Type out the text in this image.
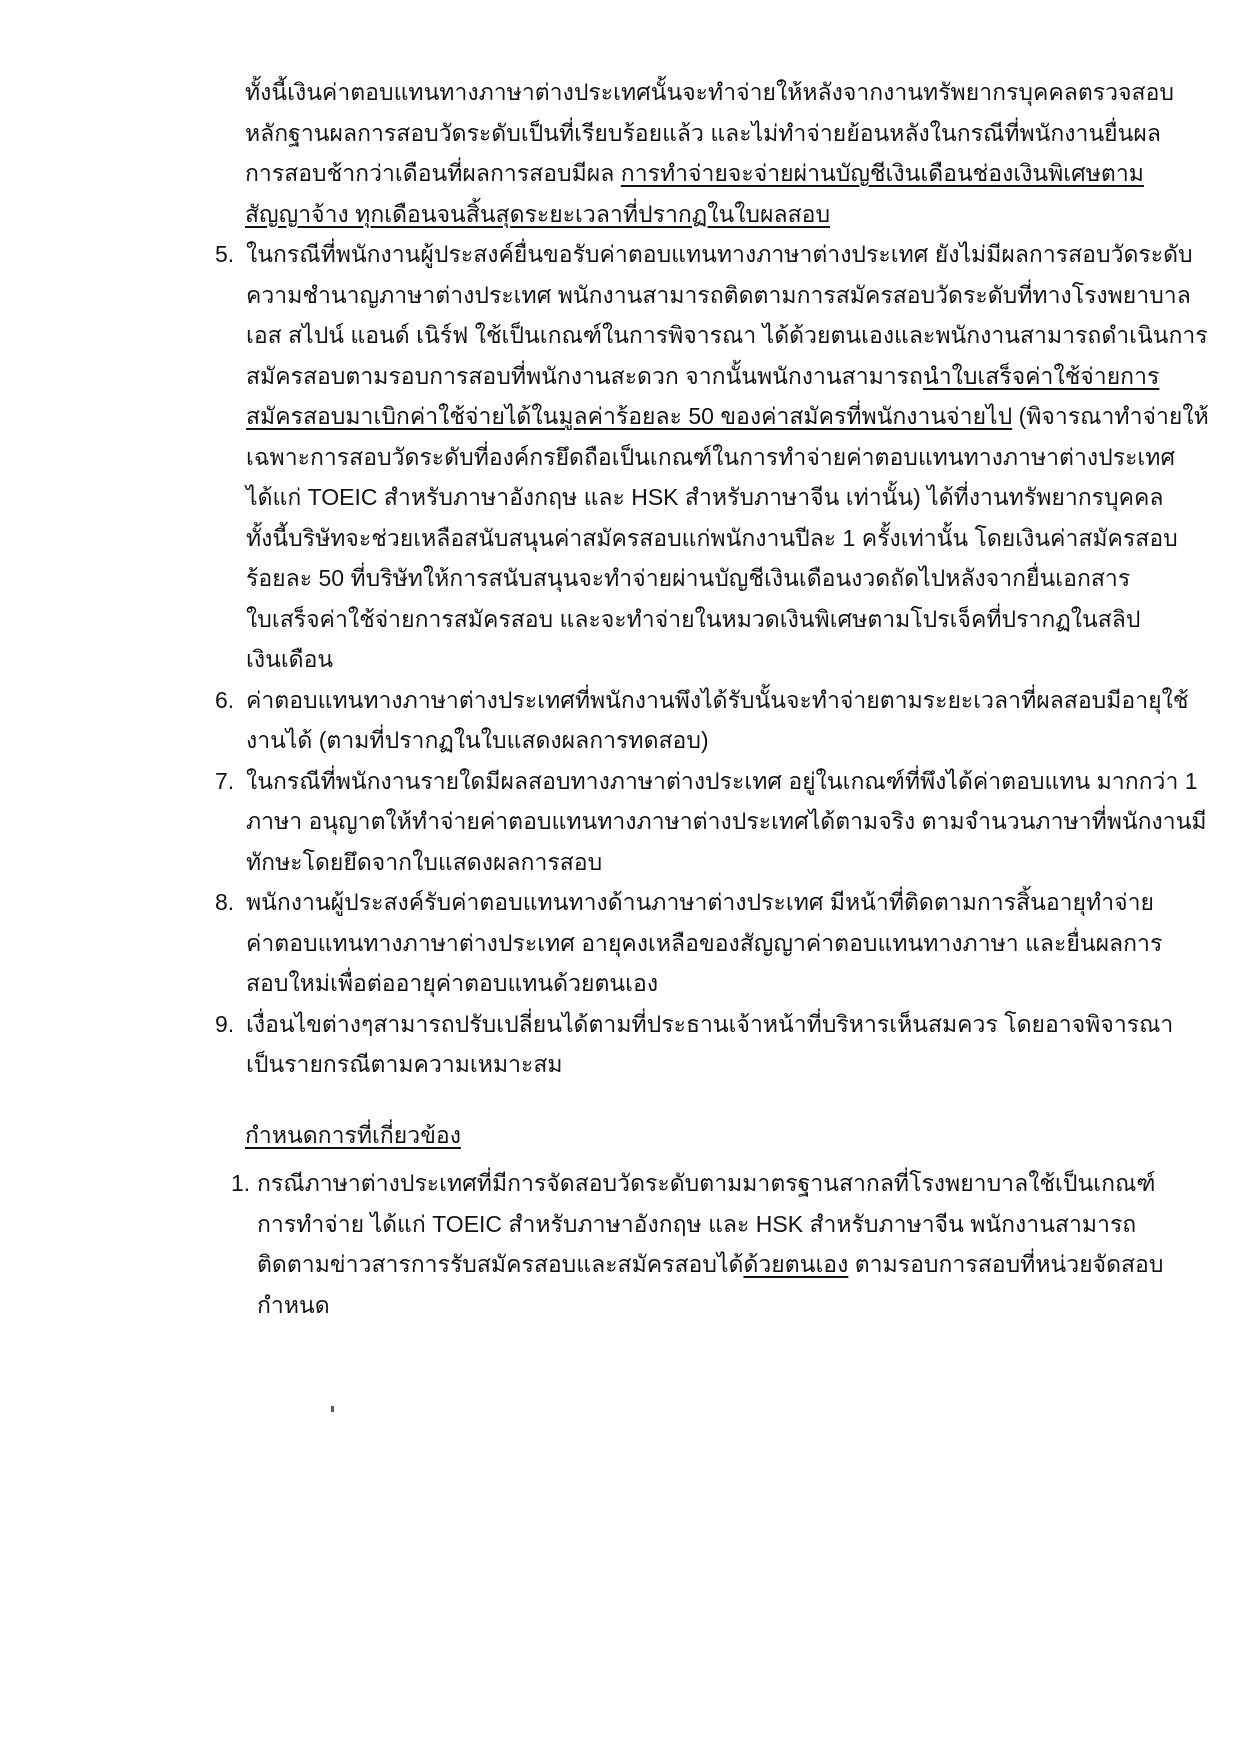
ทั้งนี้เงินค่าตอบแทนทางภาษาต่างประเทศนั้นจะทำจ่ายให้หลังจากงานทรัพยากรบุคคลตรวจสอบ
หลักฐานผลการสอบวัดระดับเป็นที่เรียบร้อยแล้ว และไม่ทำจ่ายย้อนหลังในกรณีที่พนักงานยื่นผล
การสอบช้ากว่าเดือนที่ผลการสอบมีผล การทำจ่ายจะจ่ายผ่านบัญชีเงินเดือนช่องเงินพิเศษตาม
สัญญาจ้าง ทุกเดือนจนสิ้นสุดระยะเวลาที่ปรากฏในใบผลสอบ
5. ในกรณีที่พนักงานผู้ประสงค์ยื่นขอรับค่าตอบแทนทางภาษาต่างประเทศ ยังไม่มีผลการสอบวัดระดับ
ความชำนาญภาษาต่างประเทศ พนักงานสามารถติดตามการสมัครสอบวัดระดับที่ทางโรงพยาบาล
เอส สไปน์ แอนด์ เนิร์ฟ ใช้เป็นเกณฑ์ในการพิจารณา ได้ด้วยตนเองและพนักงานสามารถดำเนินการ
สมัครสอบตามรอบการสอบที่พนักงานสะดวก จากนั้นพนักงานสามารถนำใบเสร็จค่าใช้จ่ายการ
สมัครสอบมาเบิกค่าใช้จ่ายได้ในมูลค่าร้อยละ 50 ของค่าสมัครที่พนักงานจ่ายไป (พิจารณาทำจ่ายให้
เฉพาะการสอบวัดระดับที่องค์กรยึดถือเป็นเกณฑ์ในการทำจ่ายค่าตอบแทนทางภาษาต่างประเทศ
ได้แก่ TOEIC สำหรับภาษาอังกฤษ และ HSK สำหรับภาษาจีน เท่านั้น) ได้ที่งานทรัพยากรบุคคล
ทั้งนี้บริษัทจะช่วยเหลือสนับสนุนค่าสมัครสอบแก่พนักงานปีละ 1 ครั้งเท่านั้น โดยเงินค่าสมัครสอบ
ร้อยละ 50 ที่บริษัทให้การสนับสนุนจะทำจ่ายผ่านบัญชีเงินเดือนงวดถัดไปหลังจากยื่นเอกสาร
ใบเสร็จค่าใช้จ่ายการสมัครสอบ และจะทำจ่ายในหมวดเงินพิเศษตามโปรเจ็คที่ปรากฏในสลิป
เงินเดือน
6. ค่าตอบแทนทางภาษาต่างประเทศที่พนักงานพึงได้รับนั้นจะทำจ่ายตามระยะเวลาที่ผลสอบมีอายุใช้
งานได้ (ตามที่ปรากฏในใบแสดงผลการทดสอบ)
7. ในกรณีที่พนักงานรายใดมีผลสอบทางภาษาต่างประเทศ อยู่ในเกณฑ์ที่พึงได้ค่าตอบแทน มากกว่า 1
ภาษา อนุญาตให้ทำจ่ายค่าตอบแทนทางภาษาต่างประเทศได้ตามจริง ตามจำนวนภาษาที่พนักงานมี
ทักษะโดยยึดจากใบแสดงผลการสอบ
8. พนักงานผู้ประสงค์รับค่าตอบแทนทางด้านภาษาต่างประเทศ มีหน้าที่ติดตามการสิ้นอายุทำจ่าย
ค่าตอบแทนทางภาษาต่างประเทศ อายุคงเหลือของสัญญาค่าตอบแทนทางภาษา และยื่นผลการ
สอบใหม่เพื่อต่ออายุค่าตอบแทนด้วยตนเอง
9. เงื่อนไขต่างๆสามารถปรับเปลี่ยนได้ตามที่ประธานเจ้าหน้าที่บริหารเห็นสมควร โดยอาจพิจารณา
เป็นรายกรณีตามความเหมาะสม
กำหนดการที่เกี่ยวข้อง
1. กรณีภาษาต่างประเทศที่มีการจัดสอบวัดระดับตามมาตรฐานสากลที่โรงพยาบาลใช้เป็นเกณฑ์
การทำจ่าย ได้แก่ TOEIC สำหรับภาษาอังกฤษ และ HSK สำหรับภาษาจีน พนักงานสามารถ
ติดตามข่าวสารการรับสมัครสอบและสมัครสอบได้ด้วยตนเอง ตามรอบการสอบที่หน่วยจัดสอบ
กำหนด
